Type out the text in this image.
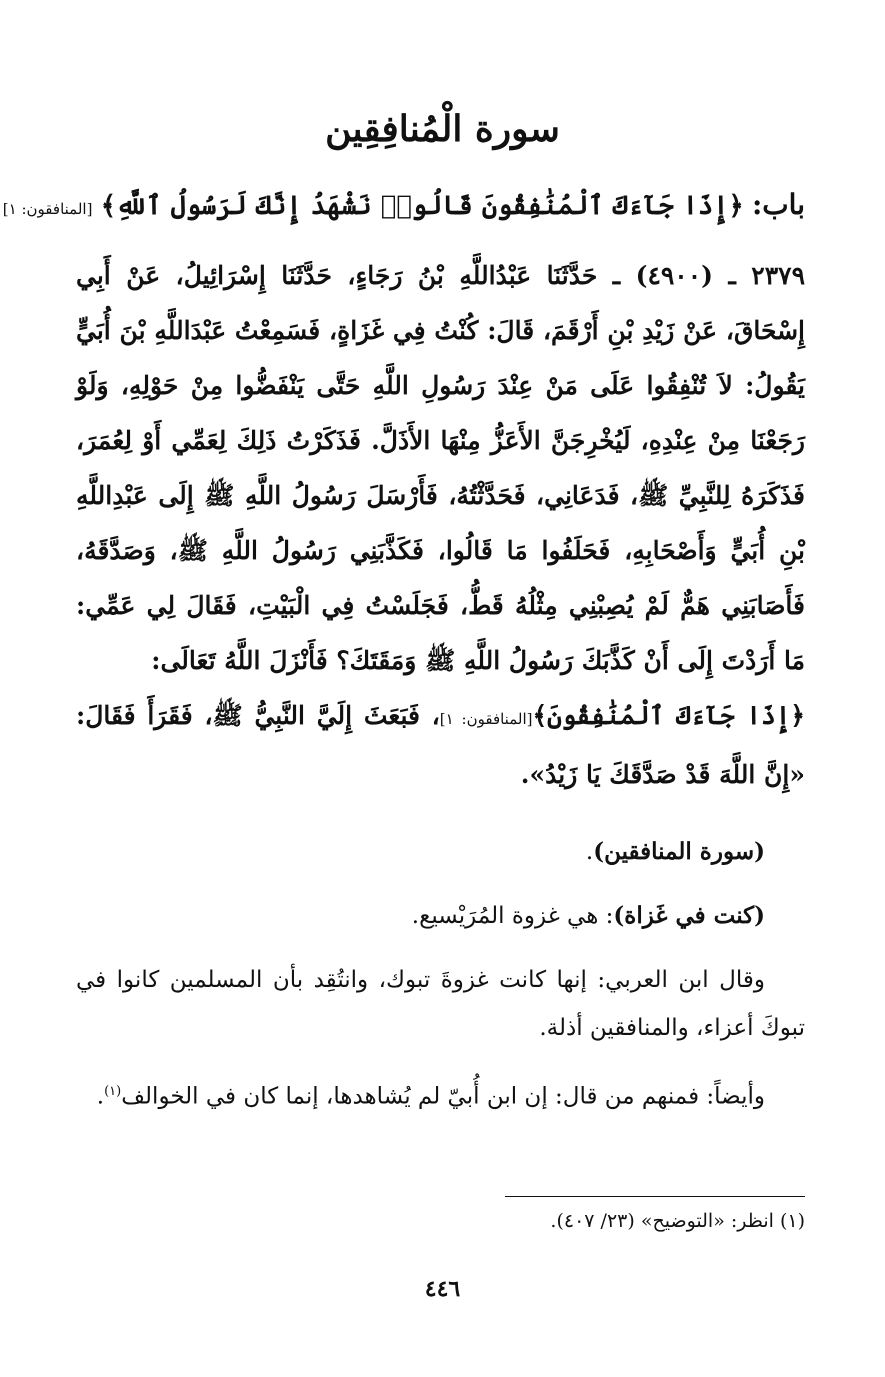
سورة الْمُنافِقِين
باب: ﴿إِذَا جَآءَكَ ٱلْمُنَٰفِقُونَ قَالُوا۟ نَشْهَدُ إِنَّكَ لَرَسُولُ ٱللَّهِ﴾ [المنافقون: ١]
٢٣٧٩ ـ (٤٩٠٠) ـ حَدَّثَنَا عَبْدُاللَّهِ بْنُ رَجَاءٍ، حَدَّثَنَا إِسْرَائِيلُ، عَنْ أَبِي إِسْحَاقَ، عَنْ زَيْدِ بْنِ أَرْقَمَ، قَالَ: كُنْتُ فِي غَزَاةٍ، فَسَمِعْتُ عَبْدَاللَّهِ بْنَ أُبَيٍّ يَقُولُ: لاَ تُنْفِقُوا عَلَى مَنْ عِنْدَ رَسُولِ اللَّهِ حَتَّى يَنْفَضُّوا مِنْ حَوْلِهِ، وَلَوْ رَجَعْنَا مِنْ عِنْدِهِ، لَيُخْرِجَنَّ الأَعَزُّ مِنْهَا الأَذَلَّ. فَذَكَرْتُ ذَلِكَ لِعَمِّي أَوْ لِعُمَرَ، فَذَكَرَهُ لِلنَّبِيِّ ﷺ، فَدَعَانِي، فَحَدَّثْتُهُ، فَأَرْسَلَ رَسُولُ اللَّهِ ﷺ إِلَى عَبْدِاللَّهِ بْنِ أُبَيٍّ وَأَصْحَابِهِ، فَحَلَفُوا مَا قَالُوا، فَكَذَّبَنِي رَسُولُ اللَّهِ ﷺ، وَصَدَّقَهُ، فَأَصَابَنِي هَمٌّ لَمْ يُصِبْنِي مِثْلُهُ قَطُّ، فَجَلَسْتُ فِي الْبَيْتِ، فَقَالَ لِي عَمِّي: مَا أَرَدْتَ إِلَى أَنْ كَذَّبَكَ رَسُولُ اللَّهِ ﷺ وَمَقَتَكَ؟ فَأَنْزَلَ اللَّهُ تَعَالَى:
﴿إِذَا جَآءَكَ ٱلْمُنَٰفِقُونَ﴾[المنافقون: ١]، فَبَعَثَ إِلَيَّ النَّبِيُّ ﷺ، فَقَرَأَ فَقَالَ: «إِنَّ اللَّهَ قَدْ صَدَّقَكَ يَا زَيْدُ».

(سورة المنافقين).

(كنت في غَزاة): هي غزوة المُرَيْسيع.

وقال ابن العربي: إنها كانت غزوةَ تبوك، وانتُقِد بأن المسلمين كانوا في تبوكَ أعزاء، والمنافقين أذلة.

وأيضاً: فمنهم من قال: إن ابن أُبيّ لم يُشاهدها، إنما كان في الخوالف$^{(١)}$.

(١) انظر: «التوضيح» (٢٣/ ٤٠٧).
٤٤٦
